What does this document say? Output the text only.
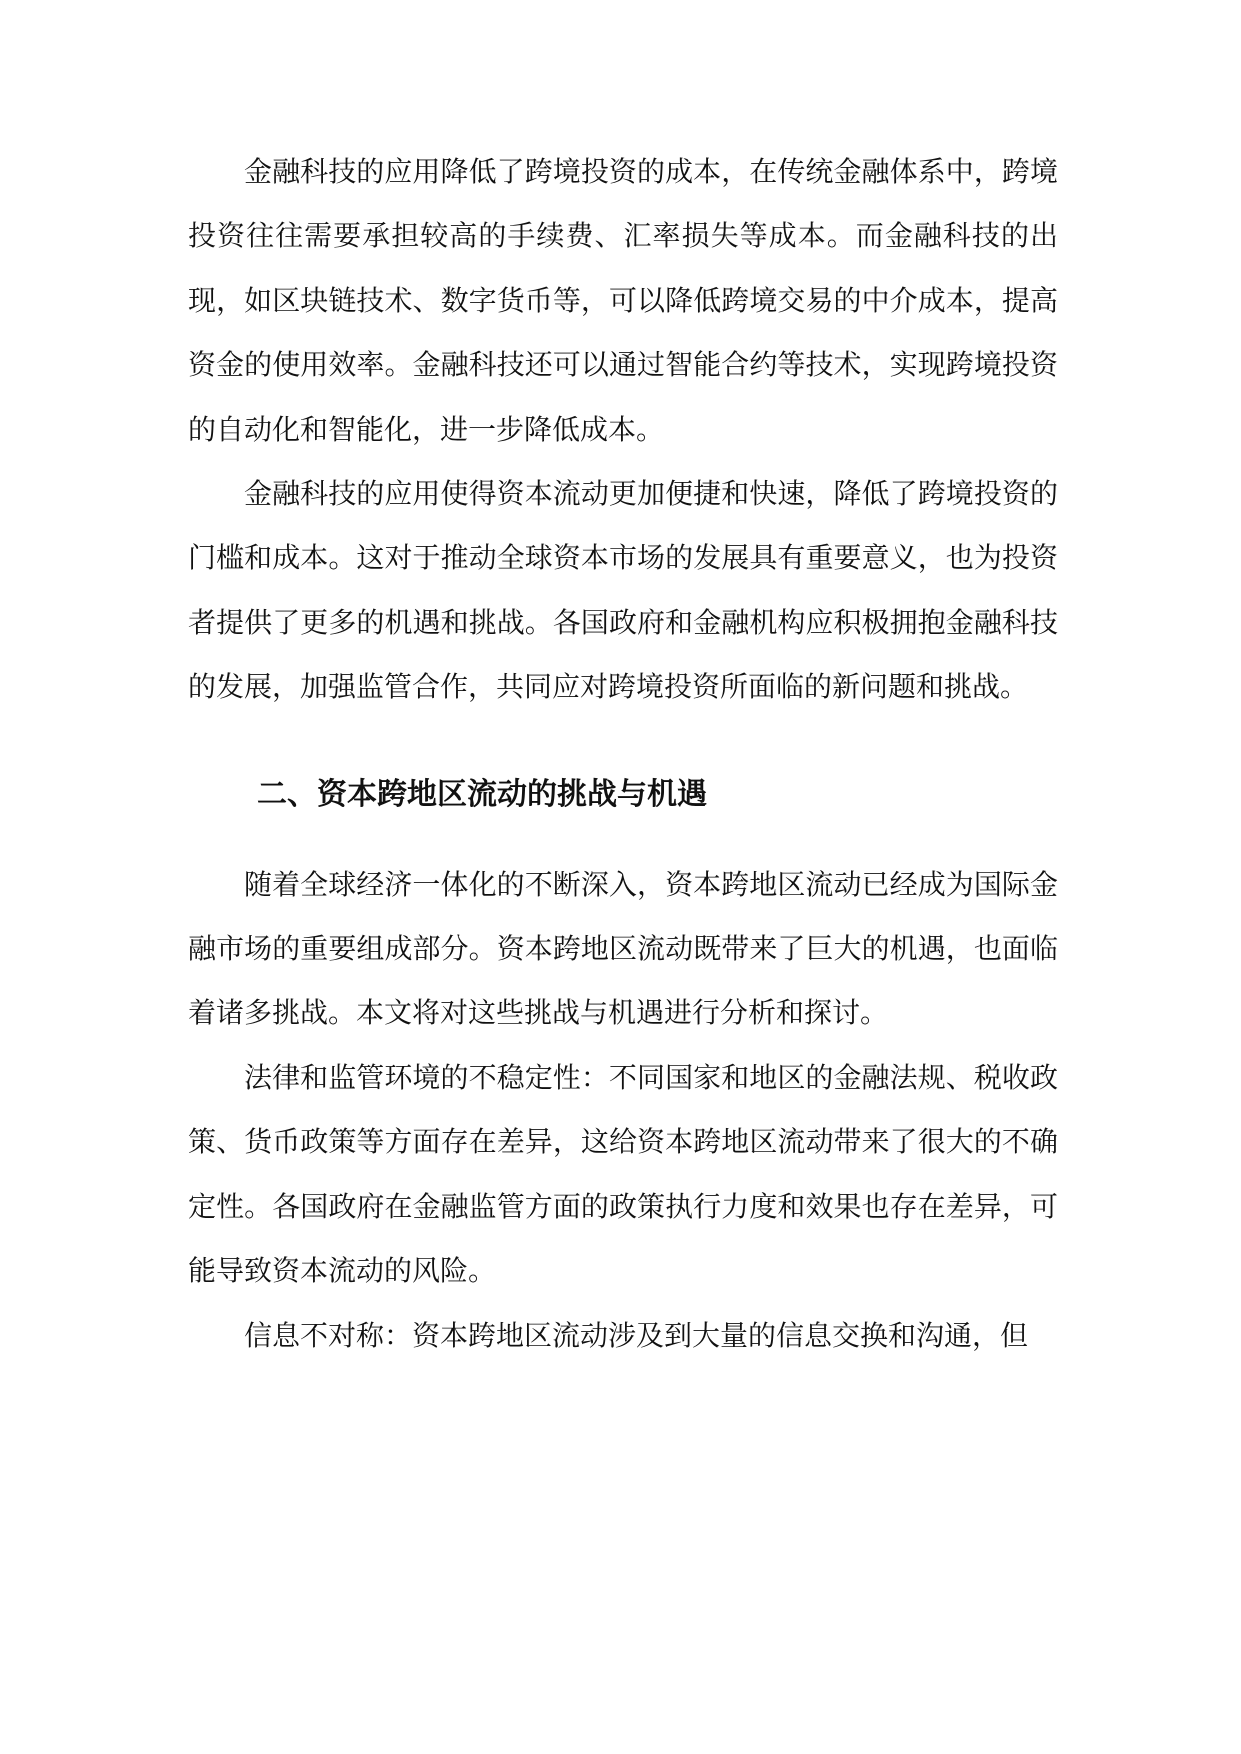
金融科技的应用降低了跨境投资的成本，在传统金融体系中，跨境投资往往需要承担较高的手续费、汇率损失等成本。而金融科技的出现，如区块链技术、数字货币等，可以降低跨境交易的中介成本，提高资金的使用效率。金融科技还可以通过智能合约等技术，实现跨境投资的自动化和智能化，进一步降低成本。

金融科技的应用使得资本流动更加便捷和快速，降低了跨境投资的门槛和成本。这对于推动全球资本市场的发展具有重要意义，也为投资者提供了更多的机遇和挑战。各国政府和金融机构应积极拥抱金融科技的发展，加强监管合作，共同应对跨境投资所面临的新问题和挑战。

二、资本跨地区流动的挑战与机遇

随着全球经济一体化的不断深入，资本跨地区流动已经成为国际金融市场的重要组成部分。资本跨地区流动既带来了巨大的机遇，也面临着诸多挑战。本文将对这些挑战与机遇进行分析和探讨。

法律和监管环境的不稳定性：不同国家和地区的金融法规、税收政策、货币政策等方面存在差异，这给资本跨地区流动带来了很大的不确定性。各国政府在金融监管方面的政策执行力度和效果也存在差异，可能导致资本流动的风险。

信息不对称：资本跨地区流动涉及到大量的信息交换和沟通，但
